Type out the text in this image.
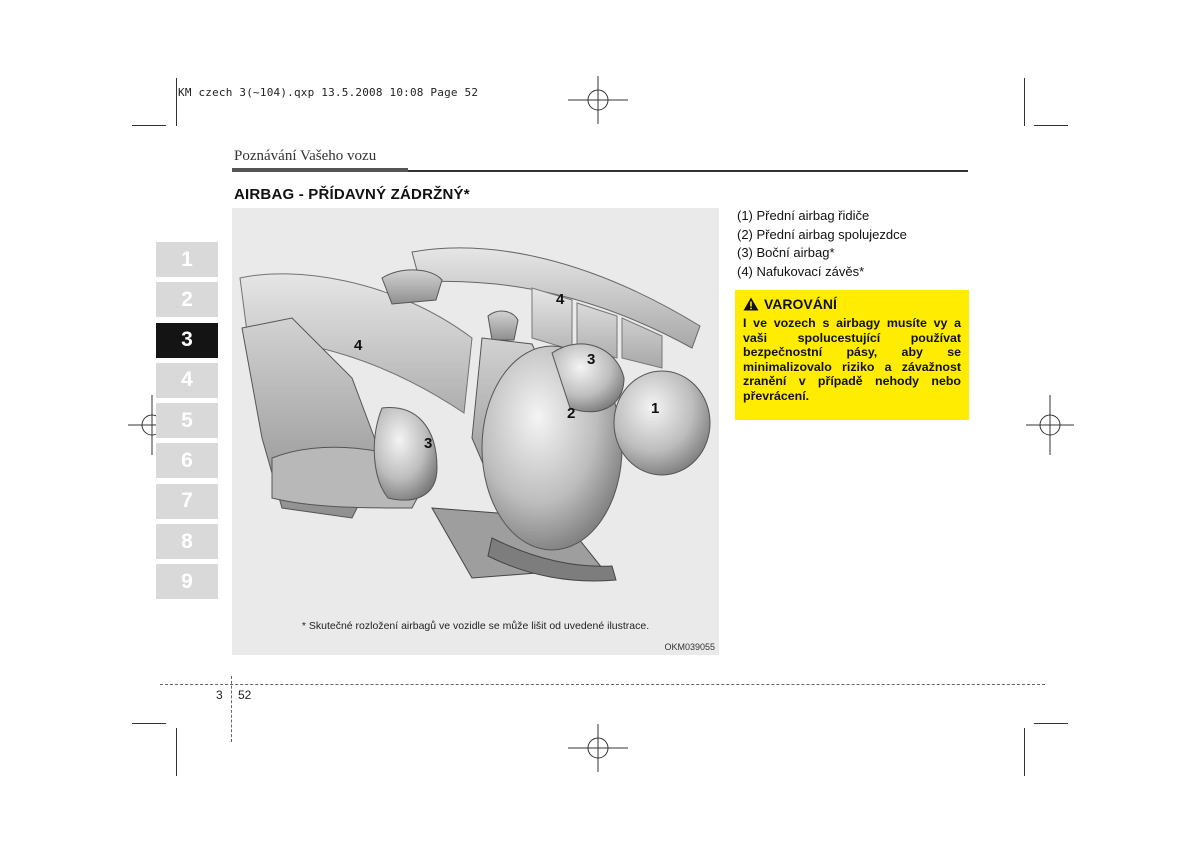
KM czech 3(~104).qxp 13.5.2008 10:08 Page 52
Poznávání Vašeho vozu
AIRBAG - PŘÍDAVNÝ ZÁDRŽNÝ*
1
2
3
4
5
6
7
8
9
4
4
3
3
2	1
* Skutečné rozložení airbagů ve vozidle se může lišit od uvedené ilustrace.
OKM039055
(1) Přední airbag řidiče
(2) Přední airbag spolujezdce
(3) Boční airbag*
(4) Nafukovací závěs*
VAROVÁNÍ
I ve vozech s airbagy musíte vy a vaši spolucestující používat bezpečnostní pásy, aby se minimalizovalo riziko a závažnost zranění v případě nehody nebo převrácení.
3 52
